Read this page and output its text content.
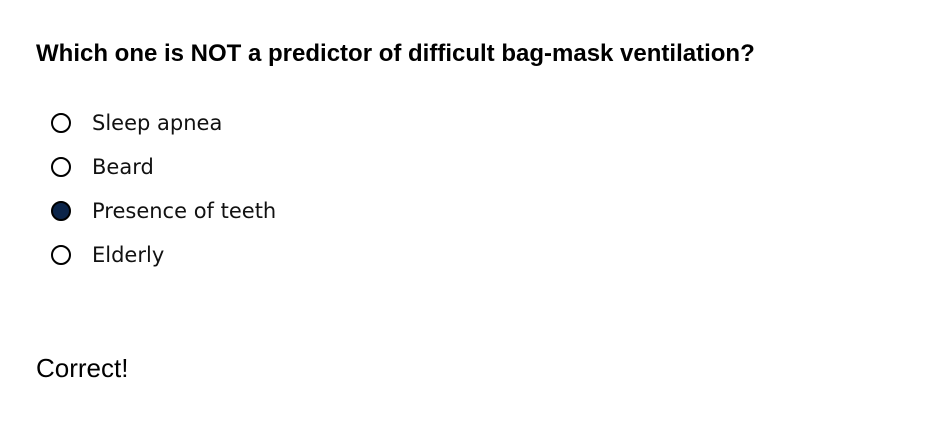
Which one is NOT a predictor of difficult bag-mask ventilation?
Sleep apnea
Beard
Presence of teeth
Elderly

Correct!
